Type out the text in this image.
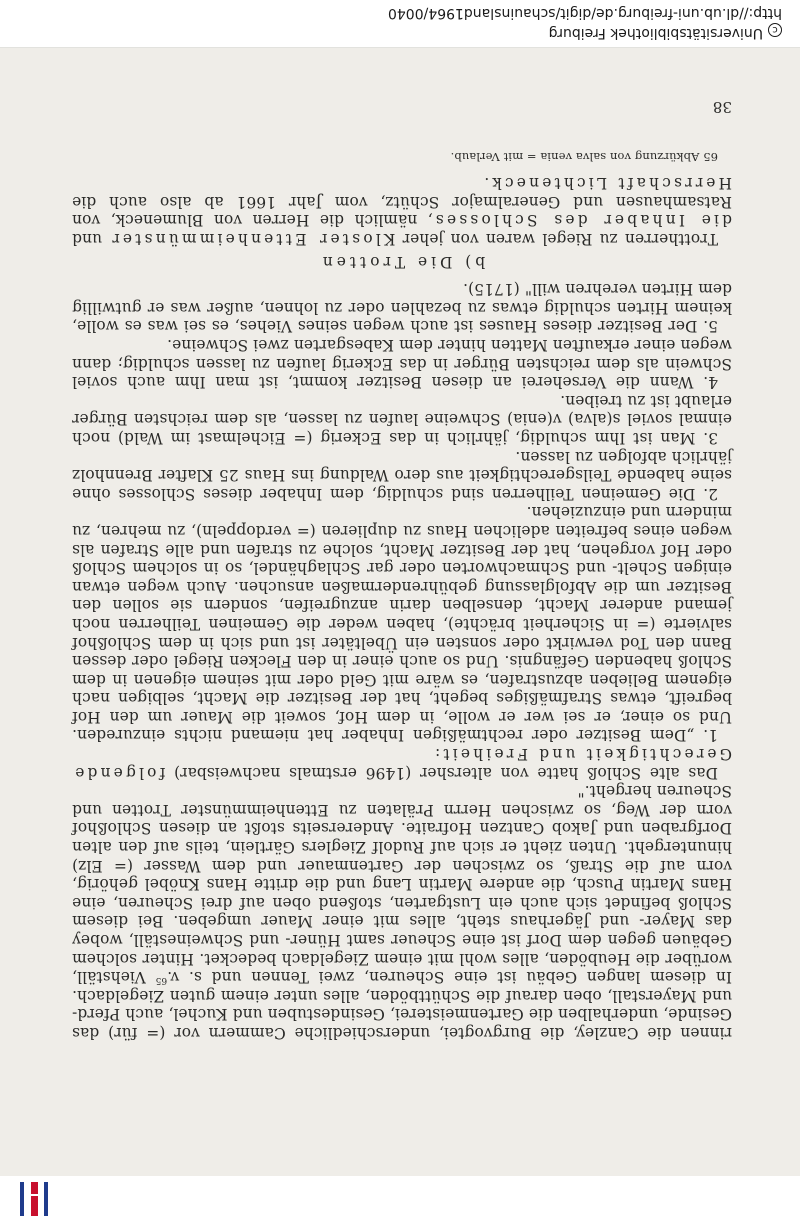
rinnen die Canzley, die Burgvogtei, underschiedliche Cammern vor (= für) das Gesinde, underhalben die Gartenmeisterei, Gesindestuben und Kuchel, auch Pferd- und Mayerstall, oben darauf die Schüttböden, alles unter einem guten Ziegeldach. In diesem langen Gebäu ist eine Scheuren, zwei Tennen und s. v.$^{65}$ Viehställ, worüber die Heuböden, alles wohl mit einem Ziegeldach bedecket. Hinter solchem Gebäuen gegen dem Dorf ist eine Scheuer samt Hüner- und Schweineställ, wobey das Mayer- und Jägerhaus steht, alles mit einer Mauer umgeben. Bei diesem Schloß befindet sich auch ein Lustgarten, stoßend oben auf drei Scheuren, eine Hans Martin Pusch, die andere Martin Lang und die dritte Hans Knöbel gehörig, vorn auf die Straß, so zwischen der Gartenmauer und dem Wasser (= Elz) hinuntergeht. Unten zieht er sich auf Rudolf Zieglers Gärtlein, teils auf den alten Dorfgraben und Jakob Cantzen Hofraite. Andererseits stoßt an diesen Schloßhof vorn der Weg, so zwischen Herrn Prälaten zu Ettenheimmünster Trotten und Scheuren hergeht."

Das alte Schloß hatte von altersher (1496 erstmals nachweisbar) folgende Gerechtigkeit und Freiheit:

1. „Dem Besitzer oder rechtmäßigen Inhaber hat niemand nichts einzureden. Und so einer, er sei wer er wolle, in dem Hof, soweit die Mauer um den Hof begreift, etwas Strafmäßiges begeht, hat der Besitzer die Macht, selbigen nach eigenem Belieben abzustrafen, es wäre mit Geld oder mit seinem eigenen in dem Schloß habenden Gefängnis. Und so auch einer in den Flecken Riegel oder dessen Bann den Tod verwirkt oder sonsten ein Übeltäter ist und sich in dem Schloßhof salvierte (= in Sicherheit brächte), haben weder die Gemeinen Teilherren noch jemand anderer Macht, denselben darin anzugreifen, sondern sie sollen den Besitzer um die Abfolglassung gebührendermaßen ansuchen. Auch wegen etwan einigen Schelt- und Schmachworten oder gar Schlaghändel, so in solchem Schloß oder Hof vorgehen, hat der Besitzer Macht, solche zu strafen und alle Strafen als wegen eines befreiten adelichen Haus zu duplieren (= verdoppeln), zu mehren, zu mindern und einzuziehen.

2. Die Gemeinen Teilherren sind schuldig, dem Inhaber dieses Schlosses ohne seine habende Teilsgerechtigkeit aus dero Waldung ins Haus 25 Klafter Brennholz jährlich abfolgen zu lassen.

3. Man ist Ihm schuldig, jährlich in das Eckerig (= Eichelmast im Wald) noch einmal soviel s(alva) v(enia) Schweine laufen zu lassen, als dem reichsten Bürger erlaubt ist zu treiben.

4. Wann die Verseherei an diesen Besitzer kommt, ist man Ihm auch soviel Schwein als dem reichsten Bürger in das Eckerig laufen zu lassen schuldig; dann wegen einer erkauften Matten hinter dem Kabesgarten zwei Schweine.

5. Der Besitzer dieses Hauses ist auch wegen seines Viehes, es sei was es wolle, keinem Hirten schuldig etwas zu bezahlen oder zu lohnen, außer was er gutwillig dem Hirten verehren will" (1715).

b) Die Trotten

Trottherren zu Riegel waren von jeher Kloster Ettenheimmünster und die Inhaber des Schlosses, nämlich die Herren von Blumeneck, von Ratsamhausen und Generalmajor Schütz, vom Jahr 1661 ab also auch die Herrschaft Lichteneck.

65 Abkürzung von salva venia = mit Verlaub.

38

cUniversitätsbibliothek Freiburg
http://dl.ub.uni-freiburg.de/digit/schauinsland1964/0040
